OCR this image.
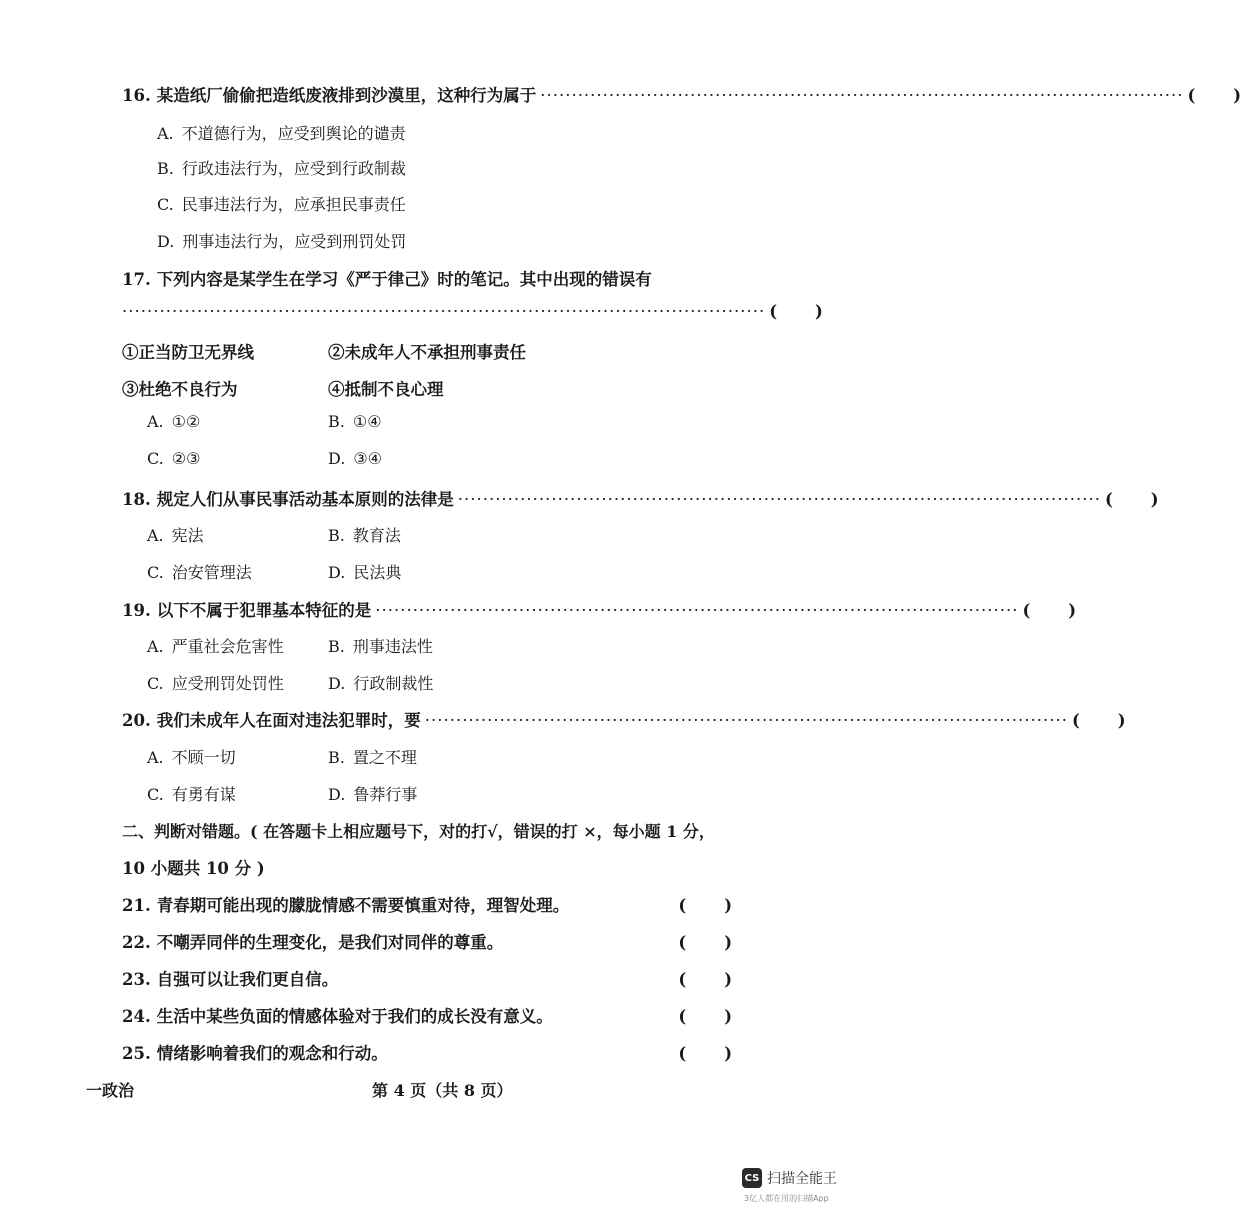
16. 某造纸厂偷偷把造纸废液排到沙漠里，这种行为属于 ······································································································· ( )
A. 不道德行为，应受到舆论的谴责
B. 行政违法行为，应受到行政制裁
C. 民事违法行为，应承担民事责任
D. 刑事违法行为，应受到刑罚处罚
17. 下列内容是某学生在学习《严于律己》时的笔记。其中出现的错误有
······································································································· ( )
①正当防卫无界线	②未成年人不承担刑事责任
③杜绝不良行为	④抵制不良心理
A. ①②	B. ①④
C. ②③	D. ③④
18. 规定人们从事民事活动基本原则的法律是 ······································································································· ( )
A. 宪法	B. 教育法
C. 治安管理法	D. 民法典
19. 以下不属于犯罪基本特征的是 ······································································································· ( )
A. 严重社会危害性	B. 刑事违法性
C. 应受刑罚处罚性	D. 行政制裁性
20. 我们未成年人在面对违法犯罪时，要 ······································································································· ( )
A. 不顾一切	B. 置之不理
C. 有勇有谋	D. 鲁莽行事
二、判断对错题。( 在答题卡上相应题号下，对的打√，错误的打 ×，每小题 1 分，
10 小题共 10 分 )
21. 青春期可能出现的朦胧情感不需要慎重对待，理智处理。	( )
22. 不嘲弄同伴的生理变化，是我们对同伴的尊重。	( )
23. 自强可以让我们更自信。	( )
24. 生活中某些负面的情感体验对于我们的成长没有意义。	( )
25. 情绪影响着我们的观念和行动。	( )
一政治	第 4 页（共 8 页）
CS 扫描全能王
3亿人都在用的扫描App
